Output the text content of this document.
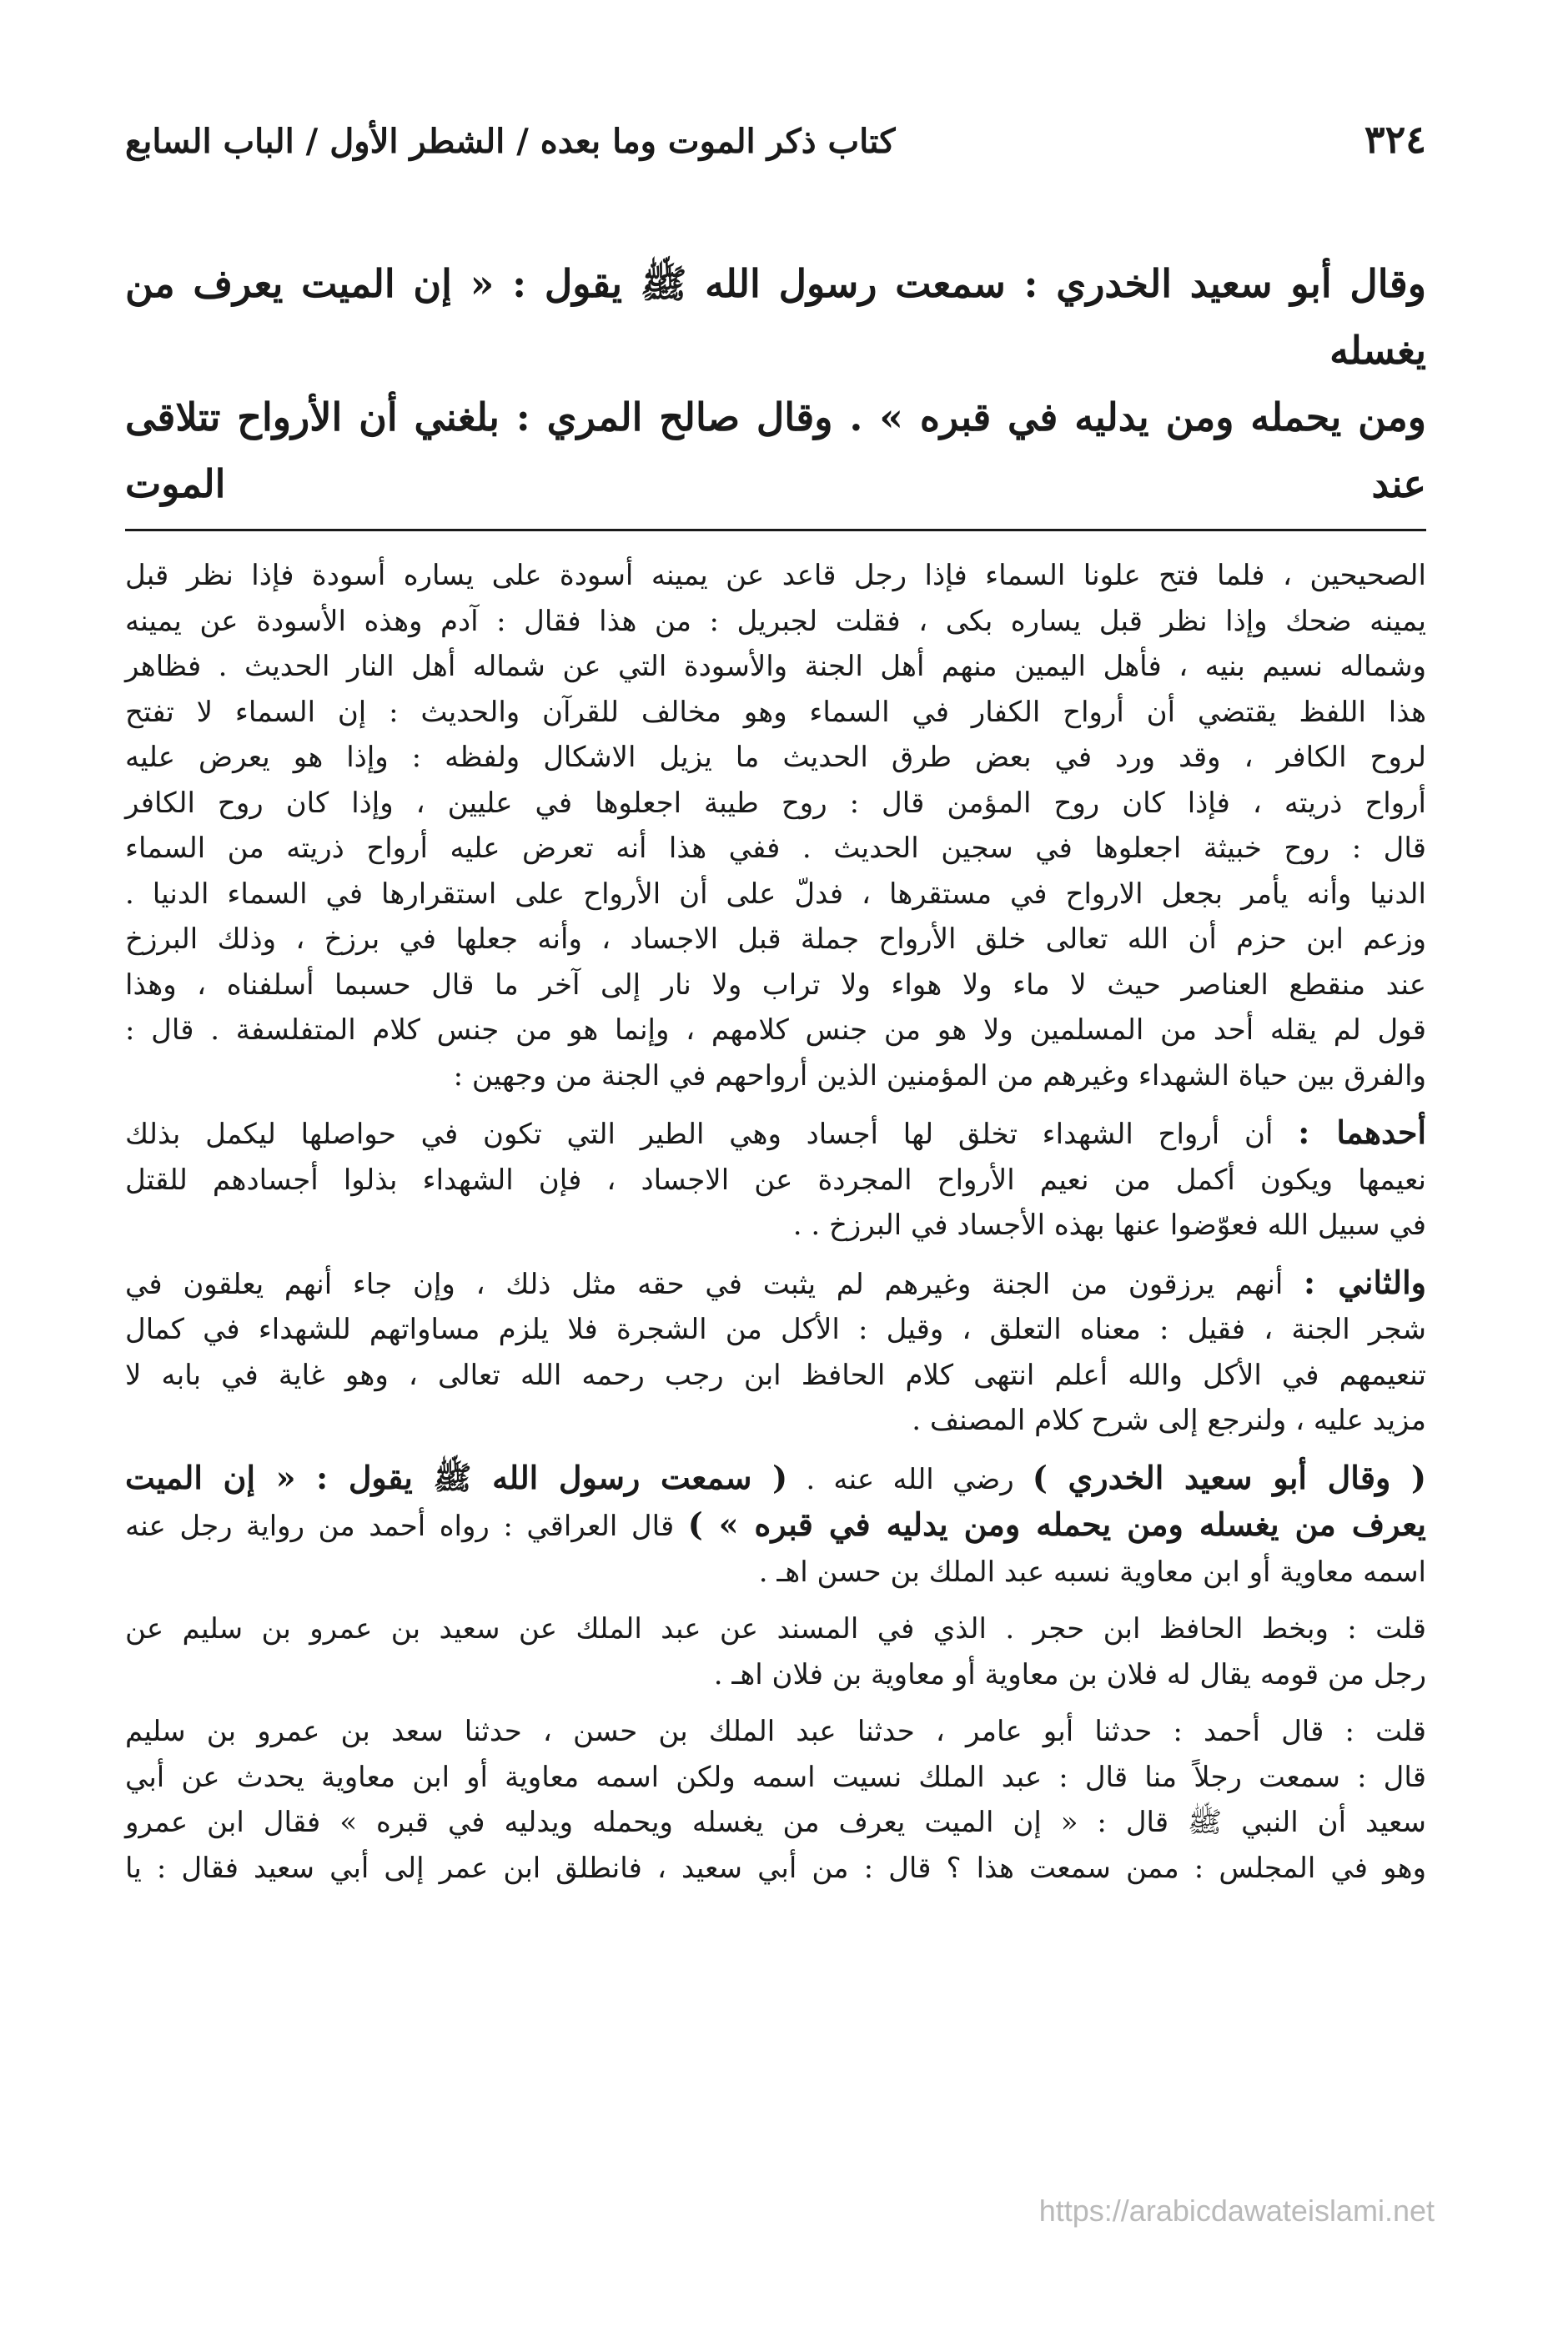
٣٢٤
كتاب ذكر الموت وما بعده / الشطر الأول / الباب السابع
وقال أبو سعيد الخدري : سمعت رسول الله ﷺ يقول : « إن الميت يعرف من يغسله
ومن يحمله ومن يدليه في قبره » . وقال صالح المري : بلغني أن الأرواح تتلاقى عند الموت
الصحيحين ، فلما فتح علونا السماء فإذا رجل قاعد عن يمينه أسودة على يساره أسودة فإذا نظر قبل
يمينه ضحك وإذا نظر قبل يساره بكى ، فقلت لجبريل : من هذا فقال : آدم وهذه الأسودة عن يمينه
وشماله نسيم بنيه ، فأهل اليمين منهم أهل الجنة والأسودة التي عن شماله أهل النار الحديث . فظاهر
هذا اللفظ يقتضي أن أرواح الكفار في السماء وهو مخالف للقرآن والحديث : إن السماء لا تفتح
لروح الكافر ، وقد ورد في بعض طرق الحديث ما يزيل الاشكال ولفظه : وإذا هو يعرض عليه
أرواح ذريته ، فإذا كان روح المؤمن قال : روح طيبة اجعلوها في عليين ، وإذا كان روح الكافر
قال : روح خبيثة اجعلوها في سجين الحديث . ففي هذا أنه تعرض عليه أرواح ذريته من السماء
الدنيا وأنه يأمر بجعل الارواح في مستقرها ، فدلّ على أن الأرواح على استقرارها في السماء الدنيا .
وزعم ابن حزم أن الله تعالى خلق الأرواح جملة قبل الاجساد ، وأنه جعلها في برزخ ، وذلك البرزخ
عند منقطع العناصر حيث لا ماء ولا هواء ولا تراب ولا نار إلى آخر ما قال حسبما أسلفناه ، وهذا
قول لم يقله أحد من المسلمين ولا هو من جنس كلامهم ، وإنما هو من جنس كلام المتفلسفة . قال :
والفرق بين حياة الشهداء وغيرهم من المؤمنين الذين أرواحهم في الجنة من وجهين :
أحدهما : أن أرواح الشهداء تخلق لها أجساد وهي الطير التي تكون في حواصلها ليكمل بذلك
نعيمها ويكون أكمل من نعيم الأرواح المجردة عن الاجساد ، فإن الشهداء بذلوا أجسادهم للقتل
في سبيل الله فعوّضوا عنها بهذه الأجساد في البرزخ . .
والثاني : أنهم يرزقون من الجنة وغيرهم لم يثبت في حقه مثل ذلك ، وإن جاء أنهم يعلقون في
شجر الجنة ، فقيل : معناه التعلق ، وقيل : الأكل من الشجرة فلا يلزم مساواتهم للشهداء في كمال
تنعيمهم في الأكل والله أعلم انتهى كلام الحافظ ابن رجب رحمه الله تعالى ، وهو غاية في بابه لا
مزيد عليه ، ولنرجع إلى شرح كلام المصنف .
( وقال أبو سعيد الخدري ) رضي الله عنه . ( سمعت رسول الله ﷺ يقول : « إن الميت
يعرف من يغسله ومن يحمله ومن يدليه في قبره » ) قال العراقي : رواه أحمد من رواية رجل عنه
اسمه معاوية أو ابن معاوية نسبه عبد الملك بن حسن اهـ .
قلت : وبخط الحافظ ابن حجر . الذي في المسند عن عبد الملك عن سعيد بن عمرو بن سليم عن
رجل من قومه يقال له فلان بن معاوية أو معاوية بن فلان اهـ .
قلت : قال أحمد : حدثنا أبو عامر ، حدثنا عبد الملك بن حسن ، حدثنا سعد بن عمرو بن سليم
قال : سمعت رجلاً منا قال : عبد الملك نسيت اسمه ولكن اسمه معاوية أو ابن معاوية يحدث عن أبي
سعيد أن النبي ﷺ قال : « إن الميت يعرف من يغسله ويحمله ويدليه في قبره » فقال ابن عمرو
وهو في المجلس : ممن سمعت هذا ؟ قال : من أبي سعيد ، فانطلق ابن عمر إلى أبي سعيد فقال : يا
https://arabicdawateislami.net
